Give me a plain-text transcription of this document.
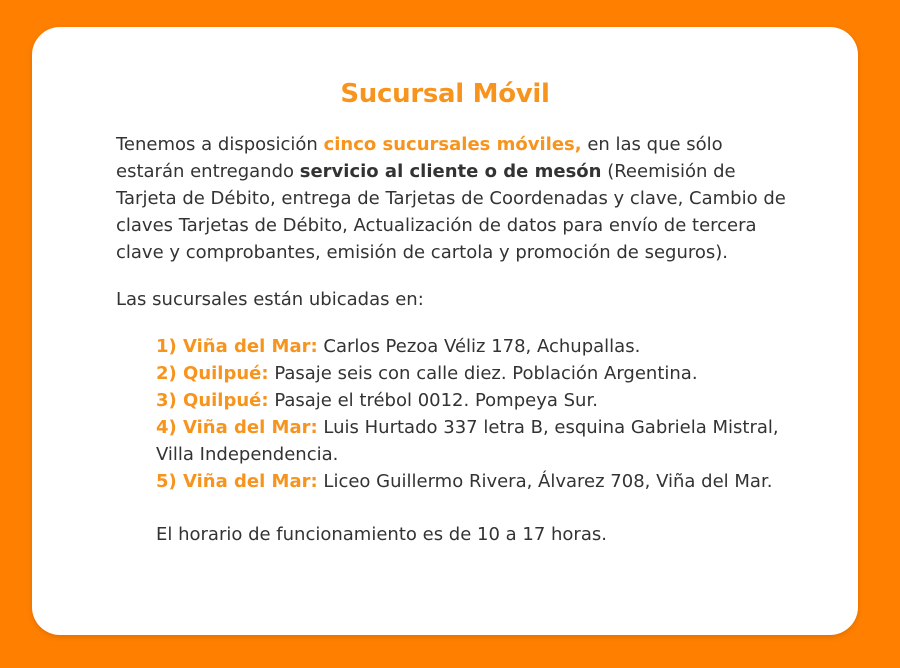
Sucursal Móvil

Tenemos a disposición cinco sucursales móviles, en las que sólo estarán entregando servicio al cliente o de mesón (Reemisión de Tarjeta de Débito, entrega de Tarjetas de Coordenadas y clave, Cambio de claves Tarjetas de Débito, Actualización de datos para envío de tercera clave y comprobantes, emisión de cartola y promoción de seguros).

Las sucursales están ubicadas en:

1) Viña del Mar: Carlos Pezoa Véliz 178, Achupallas.
2) Quilpué: Pasaje seis con calle diez. Población Argentina.
3) Quilpué: Pasaje el trébol 0012. Pompeya Sur.
4) Viña del Mar: Luis Hurtado 337 letra B, esquina Gabriela Mistral, Villa Independencia.
5) Viña del Mar: Liceo Guillermo Rivera, Álvarez 708, Viña del Mar.

El horario de funcionamiento es de 10 a 17 horas.
